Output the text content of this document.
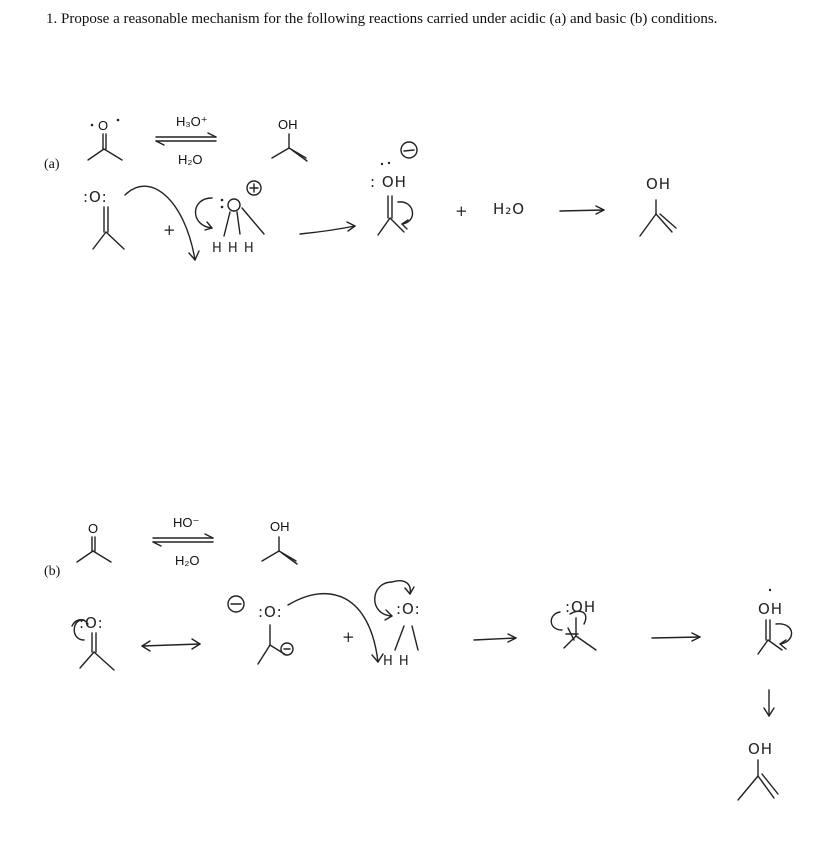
1. Propose a reasonable mechanism for the following reactions carried under acidic (a) and basic (b) conditions.
(a)
O	H₃O⁺
H₂O
OH
:O:
+
H H H
: OH
+ H₂O
OH
(b)
O	HO⁻
H₂O
OH
:O:
:O:
+
:O:
H H
:OH	OH
OH
